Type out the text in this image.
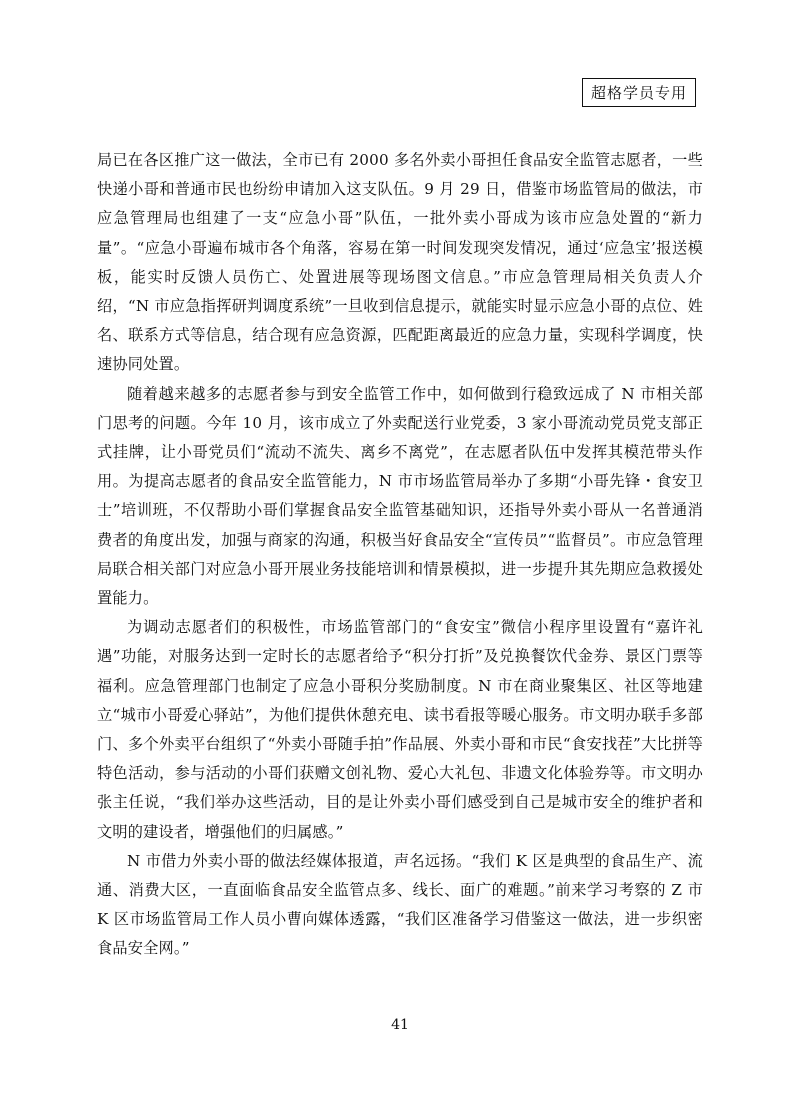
超格学员专用

局已在各区推广这一做法，全市已有 2000 多名外卖小哥担任食品安全监管志愿者，一些快递小哥和普通市民也纷纷申请加入这支队伍。9 月 29 日，借鉴市场监管局的做法，市应急管理局也组建了一支“应急小哥”队伍，一批外卖小哥成为该市应急处置的“新力量”。“应急小哥遍布城市各个角落，容易在第一时间发现突发情况，通过‘应急宝’报送模板，能实时反馈人员伤亡、处置进展等现场图文信息。”市应急管理局相关负责人介绍，“N 市应急指挥研判调度系统”一旦收到信息提示，就能实时显示应急小哥的点位、姓名、联系方式等信息，结合现有应急资源，匹配距离最近的应急力量，实现科学调度，快速协同处置。

随着越来越多的志愿者参与到安全监管工作中，如何做到行稳致远成了 N 市相关部门思考的问题。今年 10 月，该市成立了外卖配送行业党委，3 家小哥流动党员党支部正式挂牌，让小哥党员们“流动不流失、离乡不离党”，在志愿者队伍中发挥其模范带头作用。为提高志愿者的食品安全监管能力，N 市市场监管局举办了多期“小哥先锋・食安卫士”培训班，不仅帮助小哥们掌握食品安全监管基础知识，还指导外卖小哥从一名普通消费者的角度出发，加强与商家的沟通，积极当好食品安全“宣传员”“监督员”。市应急管理局联合相关部门对应急小哥开展业务技能培训和情景模拟，进一步提升其先期应急救援处置能力。

为调动志愿者们的积极性，市场监管部门的“食安宝”微信小程序里设置有“嘉许礼遇”功能，对服务达到一定时长的志愿者给予“积分打折”及兑换餐饮代金券、景区门票等福利。应急管理部门也制定了应急小哥积分奖励制度。N 市在商业聚集区、社区等地建立“城市小哥爱心驿站”，为他们提供休憩充电、读书看报等暖心服务。市文明办联手多部门、多个外卖平台组织了“外卖小哥随手拍”作品展、外卖小哥和市民“食安找茬”大比拼等特色活动，参与活动的小哥们获赠文创礼物、爱心大礼包、非遗文化体验券等。市文明办张主任说，“我们举办这些活动，目的是让外卖小哥们感受到自己是城市安全的维护者和文明的建设者，增强他们的归属感。”

N 市借力外卖小哥的做法经媒体报道，声名远扬。“我们 K 区是典型的食品生产、流通、消费大区，一直面临食品安全监管点多、线长、面广的难题。”前来学习考察的 Z 市 K 区市场监管局工作人员小曹向媒体透露，“我们区准备学习借鉴这一做法，进一步织密食品安全网。”

41
